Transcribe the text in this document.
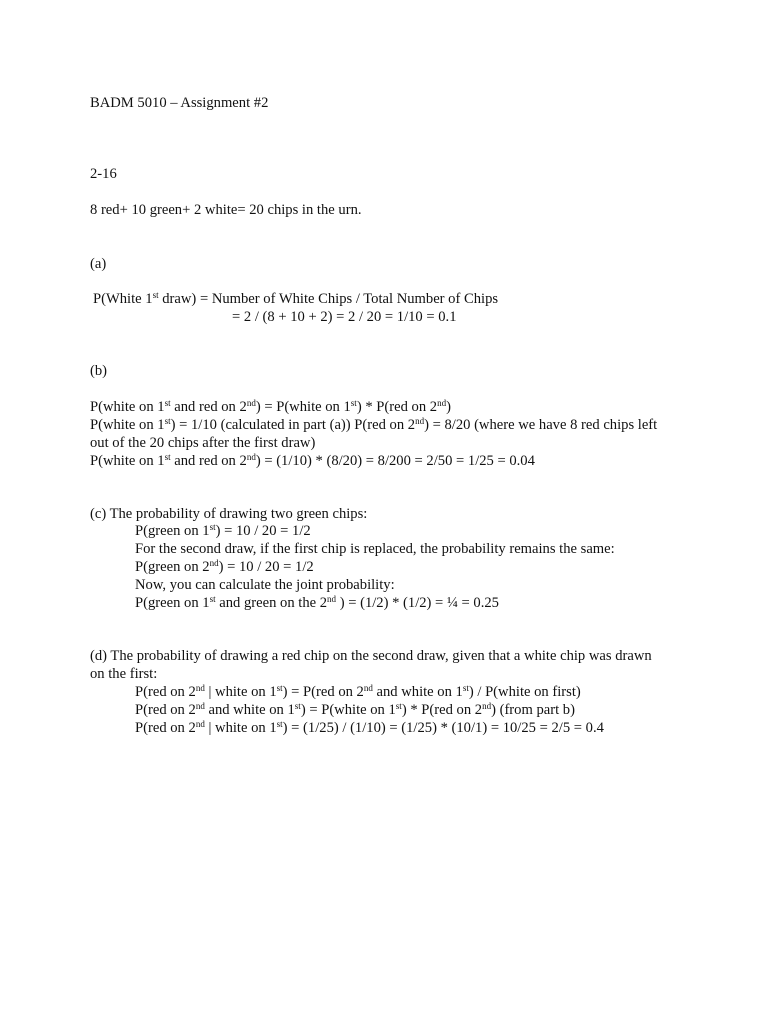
BADM 5010 – Assignment #2
2-16
8 red+ 10 green+ 2 white= 20 chips in the urn.
(a)
P(White 1st draw) = Number of White Chips / Total Number of Chips
= 2 / (8 + 10 + 2) = 2 / 20 = 1/10 = 0.1
(b)
P(white on 1st and red on 2nd) = P(white on 1st) * P(red on 2nd)
P(white on 1st) = 1/10 (calculated in part (a)) P(red on 2nd) = 8/20 (where we have 8 red chips left
out of the 20 chips after the first draw)
P(white on 1st and red on 2nd) = (1/10) * (8/20) = 8/200 = 2/50 = 1/25 = 0.04
(c) The probability of drawing two green chips:
P(green on 1st) = 10 / 20 = 1/2
For the second draw, if the first chip is replaced, the probability remains the same:
P(green on 2nd) = 10 / 20 = 1/2
Now, you can calculate the joint probability:
P(green on 1st and green on the 2nd ) = (1/2) * (1/2) = ¼ = 0.25
(d) The probability of drawing a red chip on the second draw, given that a white chip was drawn
on the first:
P(red on 2nd | white on 1st) = P(red on 2nd and white on 1st) / P(white on first)
P(red on 2nd and white on 1st) = P(white on 1st) * P(red on 2nd) (from part b)
P(red on 2nd | white on 1st) = (1/25) / (1/10) = (1/25) * (10/1) = 10/25 = 2/5 = 0.4
